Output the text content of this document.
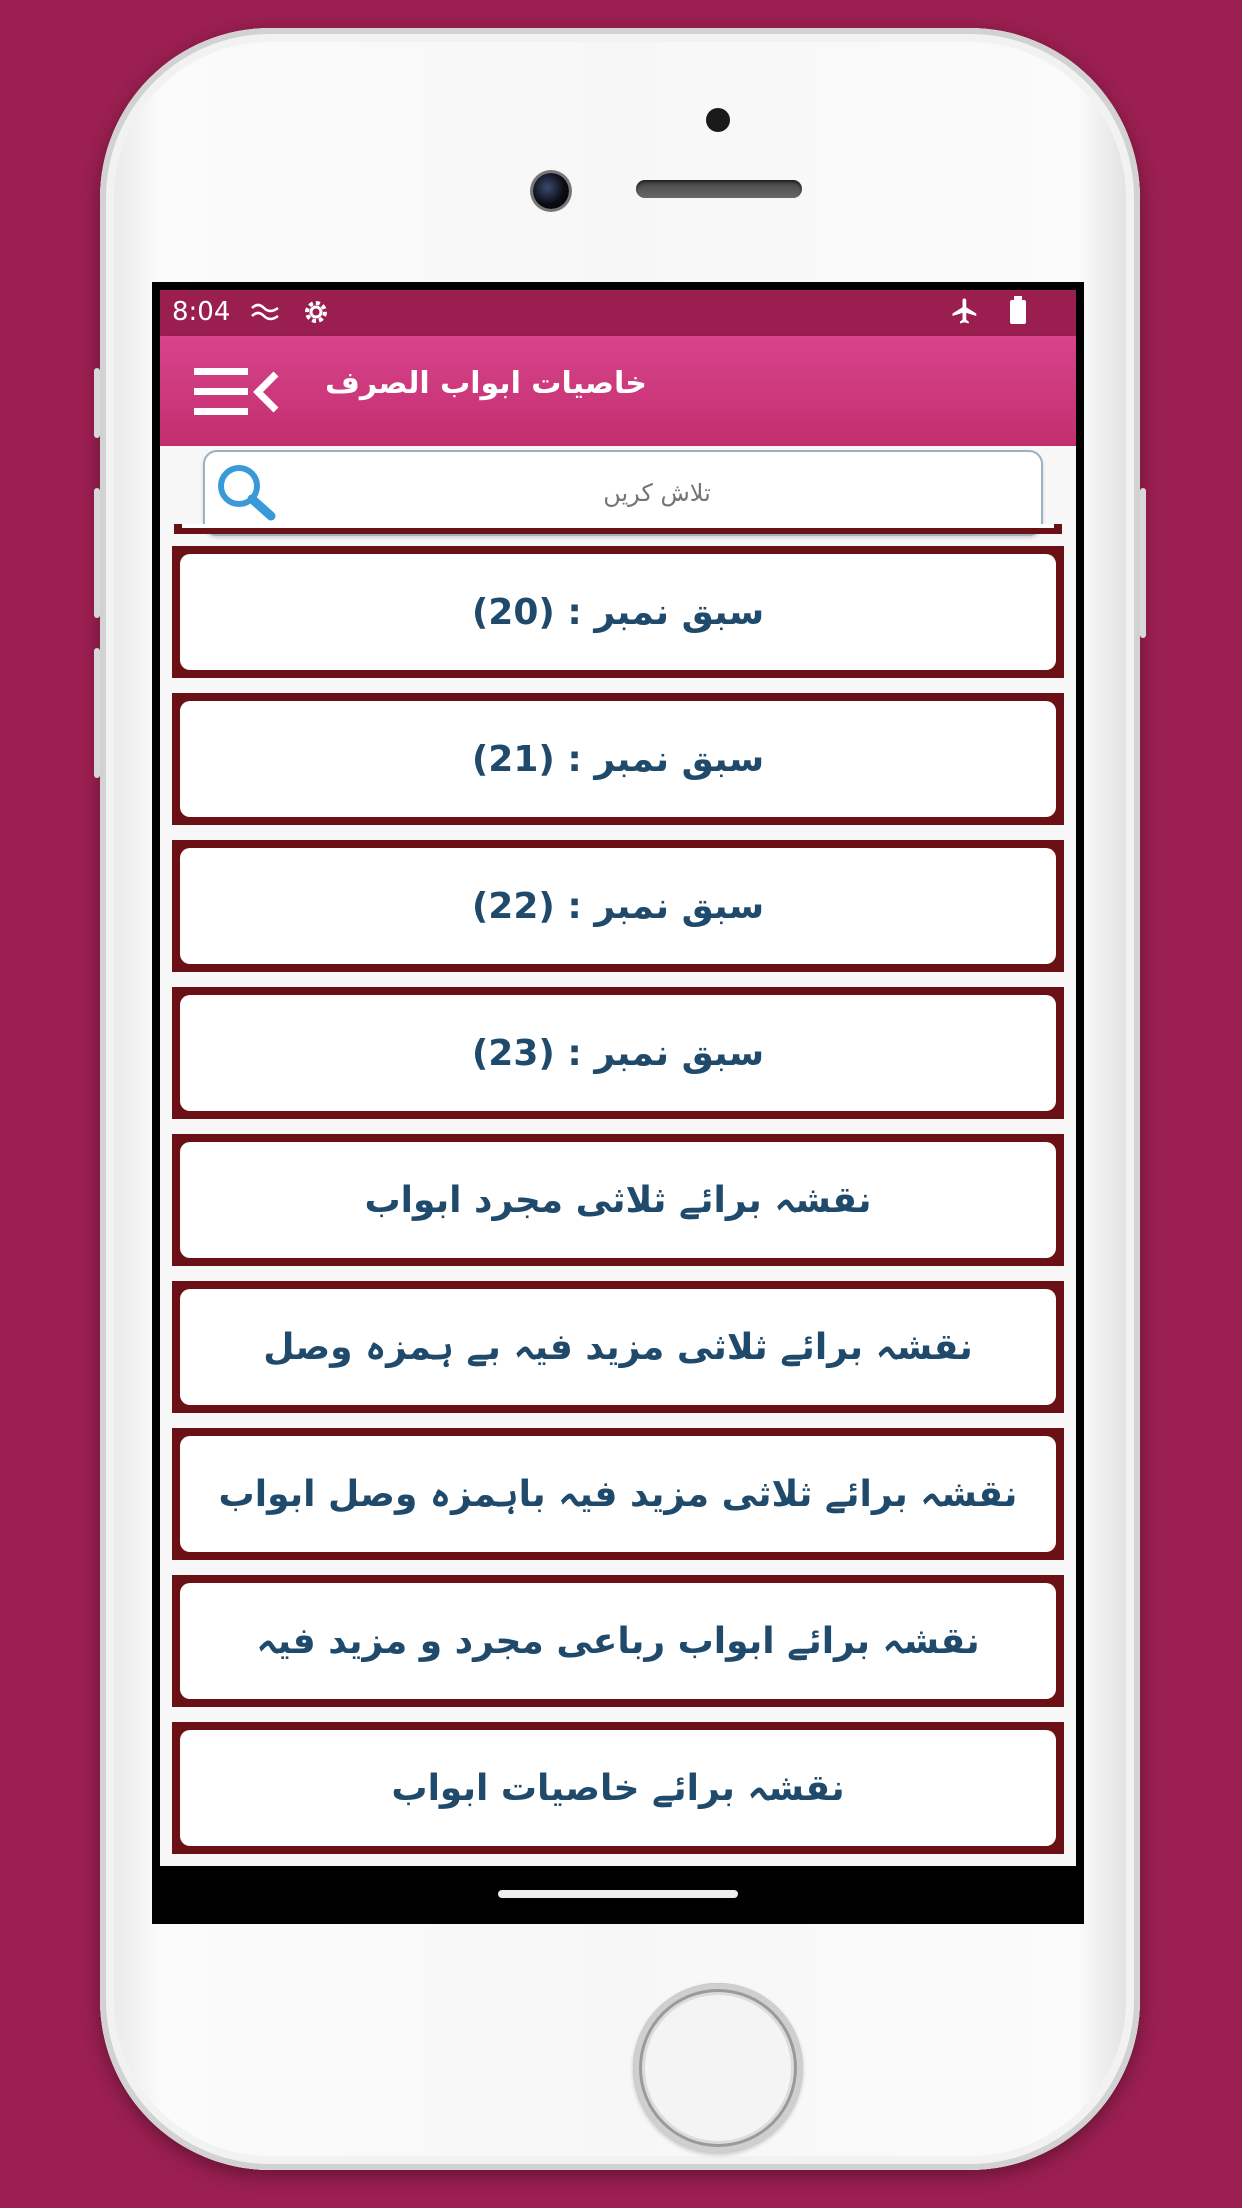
8:04
خاصیات ابواب الصرف
تلاش کریں
سبق نمبر : (20)
سبق نمبر : (21)
سبق نمبر : (22)
سبق نمبر : (23)
نقشہ برائے ثلاثی مجرد ابواب
نقشہ برائے ثلاثی مزید فیہ بے ہمزہ وصل
نقشہ برائے ثلاثی مزید فیہ باہمزہ وصل ابواب
نقشہ برائے ابواب رباعی مجرد و مزید فیہ
نقشہ برائے خاصیات ابواب
